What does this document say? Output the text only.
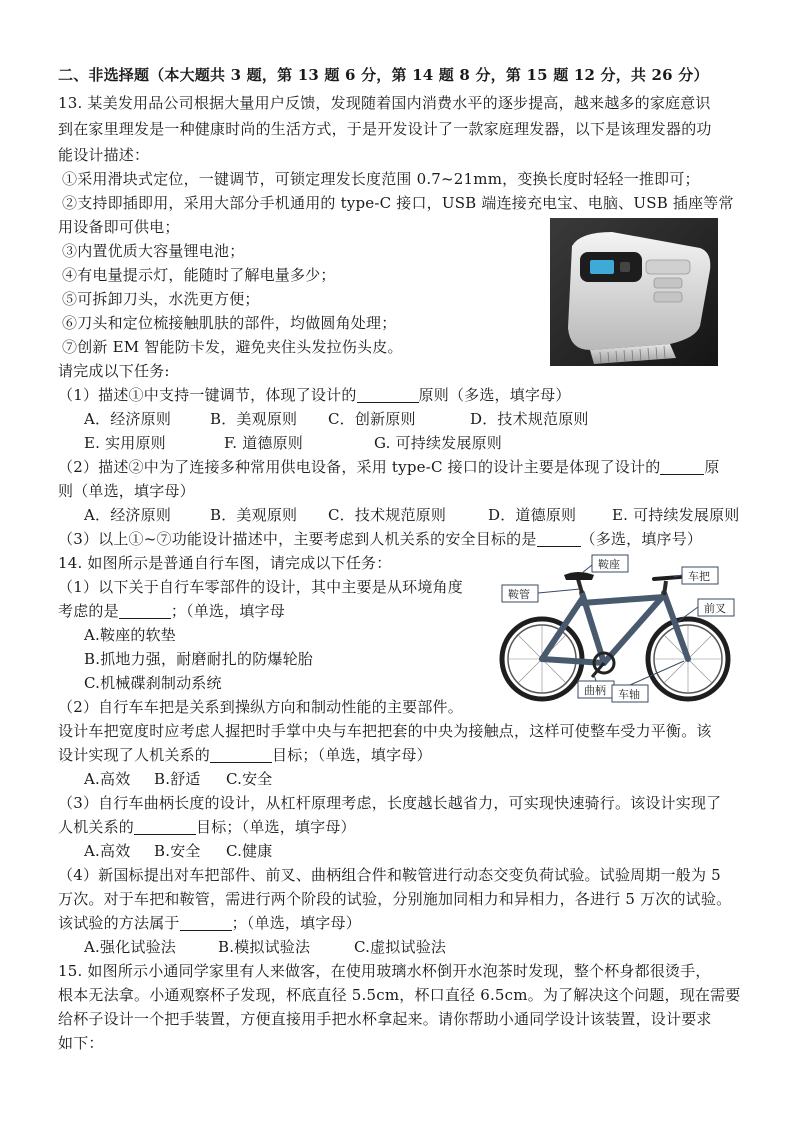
二、非选择题（本大题共 3 题，第 13 题 6 分，第 14 题 8 分，第 15 题 12 分，共 26 分）
13. 某美发用品公司根据大量用户反馈，发现随着国内消费水平的逐步提高，越来越多的家庭意识
到在家里理发是一种健康时尚的生活方式，于是开发设计了一款家庭理发器，以下是该理发器的功
能设计描述：
①采用滑块式定位，一键调节，可锁定理发长度范围 0.7~21mm，变换长度时轻轻一推即可；
②支持即插即用，采用大部分手机通用的 type-C 接口，USB 端连接充电宝、电脑、USB 插座等常
用设备即可供电；
③内置优质大容量锂电池；
④有电量提示灯，能随时了解电量多少；
⑤可拆卸刀头，水洗更方便；
⑥刀头和定位梳接触肌肤的部件，均做圆角处理；
⑦创新 EM 智能防卡发，避免夹住头发拉伤头皮。
请完成以下任务:
（1）描述①中支持一键调节，体现了设计的	原则（多选，填字母）
A．经济原则	B．美观原则 C．创新原则	D．技术规范原则
E. 实用原则	F. 道德原则	G. 可持续发展原则
（2）描述②中为了连接多种常用供电设备，采用 type-C 接口的设计主要是体现了设计的	原
则（单选，填字母）
A．经济原则	B．美观原则 C．技术规范原则	D．道德原则 E. 可持续发展原则
（3）以上①~⑦功能设计描述中，主要考虑到人机关系的安全目标的是	（多选，填序号）
14. 如图所示是普通自行车图，请完成以下任务：
（1）以下关于自行车零部件的设计，其中主要是从环境角度
考虑的是	；（单选，填字母
A.鞍座的软垫
B.抓地力强，耐磨耐扎的防爆轮胎
C.机械碟刹制动系统
鞍座
车把
鞍管
前叉
曲柄 车轴
（2）自行车车把是关系到操纵方向和制动性能的主要部件。
设计车把宽度时应考虑人握把时手掌中央与车把把套的中央为接触点，这样可使整车受力平衡。该
设计实现了人机关系的	目标；（单选，填字母）
A.高效 B.舒适 C.安全
（3）自行车曲柄长度的设计，从杠杆原理考虑，长度越长越省力，可实现快速骑行。该设计实现了
人机关系的	目标；（单选，填字母）
A.高效 B.安全 C.健康
（4）新国标提出对车把部件、前叉、曲柄组合件和鞍管进行动态交变负荷试验。试验周期一般为 5
万次。对于车把和鞍管，需进行两个阶段的试验，分别施加同相力和异相力，各进行 5 万次的试验。
该试验的方法属于	；（单选，填字母）
A.强化试验法	B.模拟试验法	C.虚拟试验法
15. 如图所示小通同学家里有人来做客，在使用玻璃水杯倒开水泡茶时发现，整个杯身都很烫手，
根本无法拿。小通观察杯子发现，杯底直径 5.5cm，杯口直径 6.5cm。为了解决这个问题，现在需要
给杯子设计一个把手装置，方便直接用手把水杯拿起来。请你帮助小通同学设计该装置，设计要求
如下：
